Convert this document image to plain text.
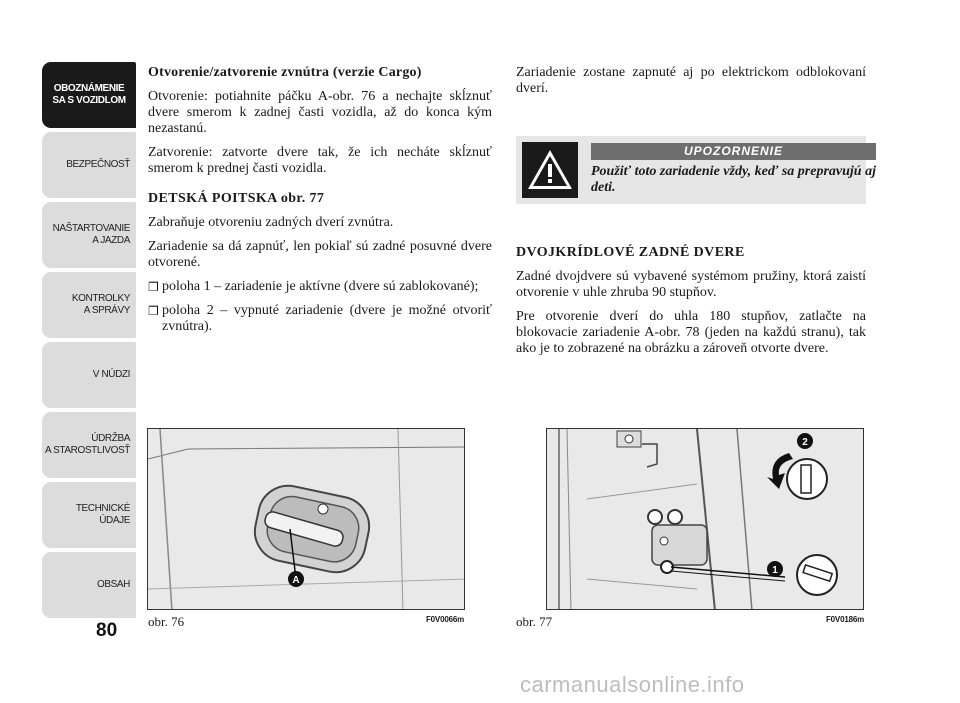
OBOZNÁMENIE
SA S VOZIDLOM
BEZPEČNOSŤ
NAŠTARTOVANIE
A JAZDA
KONTROLKY
A SPRÁVY
V NÚDZI
ÚDRŽBA
A STAROSTLIVOSŤ
TECHNICKÉ
ÚDAJE
OBSAH
80
Otvorenie/zatvorenie zvnútra (verzie Cargo)

Otvorenie: potiahnite páčku A-obr. 76 a nechajte skĺznuť dvere smerom k zadnej časti vozidla, až do konca kým nezastanú.

Zatvorenie: zatvorte dvere tak, že ich necháte skĺznuť smerom k prednej časti vozidla.

DETSKÁ POITSKA obr. 77

Zabraňuje otvoreniu zadných dverí zvnútra.

Zariadenie sa dá zapnúť, len pokiaľ sú zadné posuvné dvere otvorené.

❒ poloha 1 – zariadenie je aktívne (dvere sú zablokované);
❒ poloha 2 – vypnuté zariadenie (dvere je možné otvoriť zvnútra).

Zariadenie zostane zapnuté aj po elektrickom odblokovaní dverí.

UPOZORNENIE
Použiť toto zariadenie vždy, keď sa prepravujú aj deti.
DVOJKRÍDLOVÉ ZADNÉ DVERE

Zadné dvojdvere sú vybavené systémom pružiny, ktorá zaistí otvorenie v uhle zhruba 90 stupňov.

Pre otvorenie dverí do uhla 180 stupňov, zatlačte na blokovacie zariadenie A-obr. 78 (jeden na každú stranu), tak ako je to zobrazené na obrázku a zároveň otvorte dvere.

A
obr. 76	F0V0066m
1
2
obr. 77	F0V0186m
carmanualsonline.info
